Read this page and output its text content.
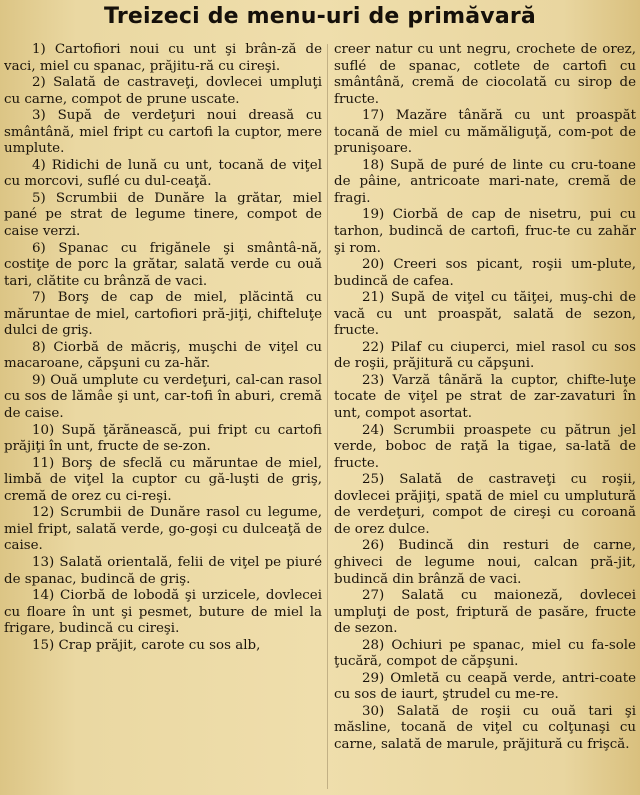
Treizeci de menu-uri de primăvară

1) Cartofiori noui cu unt şi brân-ză de vaci, miel cu spanac, prăjitu-ră cu cireşi.

2) Salată de castraveţi, dovlecei umpluţi cu carne, compot de prune uscate.

3) Supă de verdeţuri noui dreasă cu smântână, miel fript cu cartofi la cuptor, mere umplute.

4) Ridichi de lună cu unt, tocană de viţel cu morcovi, suflé cu dul-ceaţă.

5) Scrumbii de Dunăre la grătar, miel pané pe strat de legume tinere, compot de caise verzi.

6) Spanac cu frigănele şi smântâ-nă, costiţe de porc la grătar, salată verde cu ouă tari, clătite cu brânză de vaci.

7) Borş de cap de miel, plăcintă cu măruntae de miel, cartofiori pră-jiţi, chifteluţe dulci de griş.

8) Ciorbă de măcriş, muşchi de viţel cu macaroane, căpşuni cu za-hăr.

9) Ouă umplute cu verdeţuri, cal-can rasol cu sos de lămâe şi unt, car-tofi în aburi, cremă de caise.

10) Supă ţărănească, pui fript cu cartofi prăjiţi în unt, fructe de se-zon.

11) Borş de sfeclă cu măruntae de miel, limbă de viţel la cuptor cu gă-luşti de griş, cremă de orez cu ci-reşi.

12) Scrumbii de Dunăre rasol cu legume, miel fript, salată verde, go-goşi cu dulceaţă de caise.

13) Salată orientală, felii de viţel pe piuré de spanac, budincă de griş.

14) Ciorbă de lobodă şi urzicele, dovlecei cu floare în unt şi pesmet, buture de miel la frigare, budincă cu cireşi.

15) Crap prăjit, carote cu sos alb,

creer natur cu unt negru, crochete de orez, suflé de spanac, cotlete de cartofi cu smântână, cremă de ciocolată cu sirop de fructe.

17) Mazăre tânără cu unt proaspăt tocană de miel cu mămăliguţă, com-pot de prunişoare.

18) Supă de puré de linte cu cru-toane de pâine, antricoate mari-nate, cremă de fragi.

19) Ciorbă de cap de nisetru, pui cu tarhon, budincă de cartofi, fruc-te cu zahăr şi rom.

20) Creeri sos picant, roşii um-plute, budincă de cafea.

21) Supă de viţel cu tăiţei, muş-chi de vacă cu unt proaspăt, salată de sezon, fructe.

22) Pilaf cu ciuperci, miel rasol cu sos de roşii, prăjitură cu căpşuni.

23) Varză tânără la cuptor, chifte-luţe tocate de viţel pe strat de zar-zavaturi în unt, compot asortat.

24) Scrumbii proaspete cu pătrun jel verde, boboc de raţă la tigae, sa-lată de fructe.

25) Salată de castraveţi cu roşii, dovlecei prăjiţi, spată de miel cu umplutură de verdeţuri, compot de cireşi cu coroană de orez dulce.

26) Budincă din resturi de carne, ghiveci de legume noui, calcan pră-jit, budincă din brânză de vaci.

27) Salată cu maioneză, dovlecei umpluţi de post, friptură de pasăre, fructe de sezon.

28) Ochiuri pe spanac, miel cu fa-sole ţucără, compot de căpşuni.

29) Omletă cu ceapă verde, antri-coate cu sos de iaurt, ştrudel cu me-re.

30) Salată de roşii cu ouă tari şi măsline, tocană de viţel cu colţunaşi cu carne, salată de marule, prăjitură cu frişcă.
